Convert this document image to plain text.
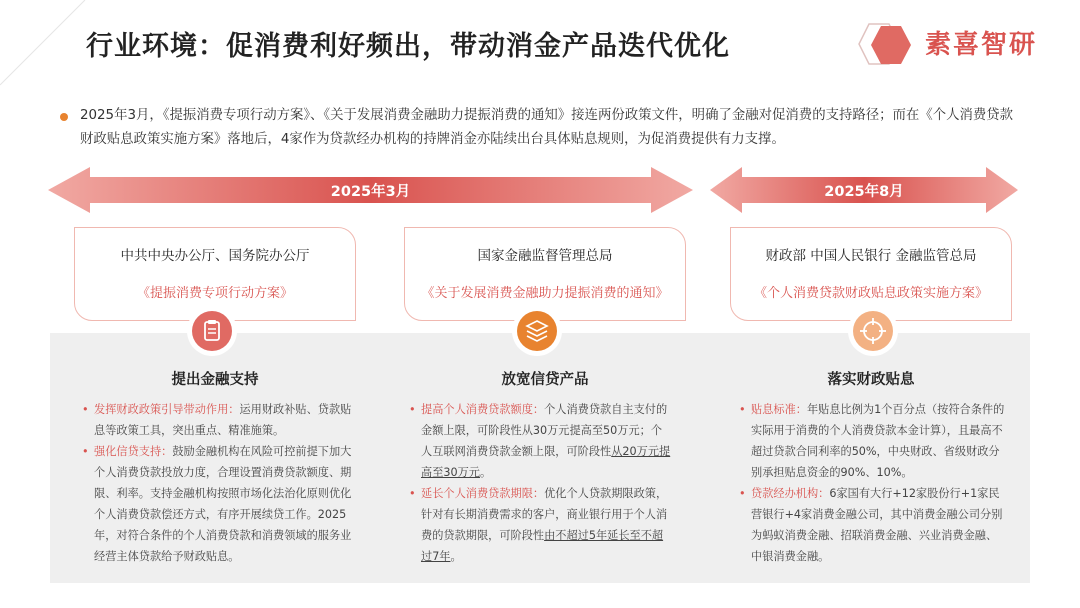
行业环境：促消费利好频出，带动消金产品迭代优化	素喜智研
2025年3月，《提振消费专项行动方案》、《关于发展消费金融助力提振消费的通知》接连两份政策文件，明确了金融对促消费的支持路径；而在《个人消费贷款财政贴息政策实施方案》落地后，4家作为贷款经办机构的持牌消金亦陆续出台具体贴息规则，为促消费提供有力支撑。
2025年3月	2025年8月
中共中央办公厅、国务院办公厅
《提振消费专项行动方案》
国家金融监督管理总局
《关于发展消费金融助力提振消费的通知》
财政部 中国人民银行 金融监管总局
《个人消费贷款财政贴息政策实施方案》
提出金融支持	放宽信贷产品	落实财政贴息
• 发挥财政政策引导带动作用：运用财政补贴、贷款贴息等政策工具，突出重点、精准施策。
• 强化信贷支持：鼓励金融机构在风险可控前提下加大个人消费贷款投放力度，合理设置消费贷款额度、期限、利率。支持金融机构按照市场化法治化原则优化个人消费贷款偿还方式，有序开展续贷工作。2025年，对符合条件的个人消费贷款和消费领域的服务业经营主体贷款给予财政贴息。
• 提高个人消费贷款额度：个人消费贷款自主支付的金额上限，可阶段性从30万元提高至50万元；个人互联网消费贷款金额上限，可阶段性从20万元提高至30万元。
• 延长个人消费贷款期限：优化个人贷款期限政策，针对有长期消费需求的客户，商业银行用于个人消费的贷款期限，可阶段性由不超过5年延长至不超过7年。
• 贴息标准：年贴息比例为1个百分点（按符合条件的实际用于消费的个人消费贷款本金计算），且最高不超过贷款合同利率的50%，中央财政、省级财政分别承担贴息资金的90%、10%。
• 贷款经办机构：6家国有大行+12家股份行+1家民营银行+4家消费金融公司，其中消费金融公司分别为蚂蚁消费金融、招联消费金融、兴业消费金融、中银消费金融。
